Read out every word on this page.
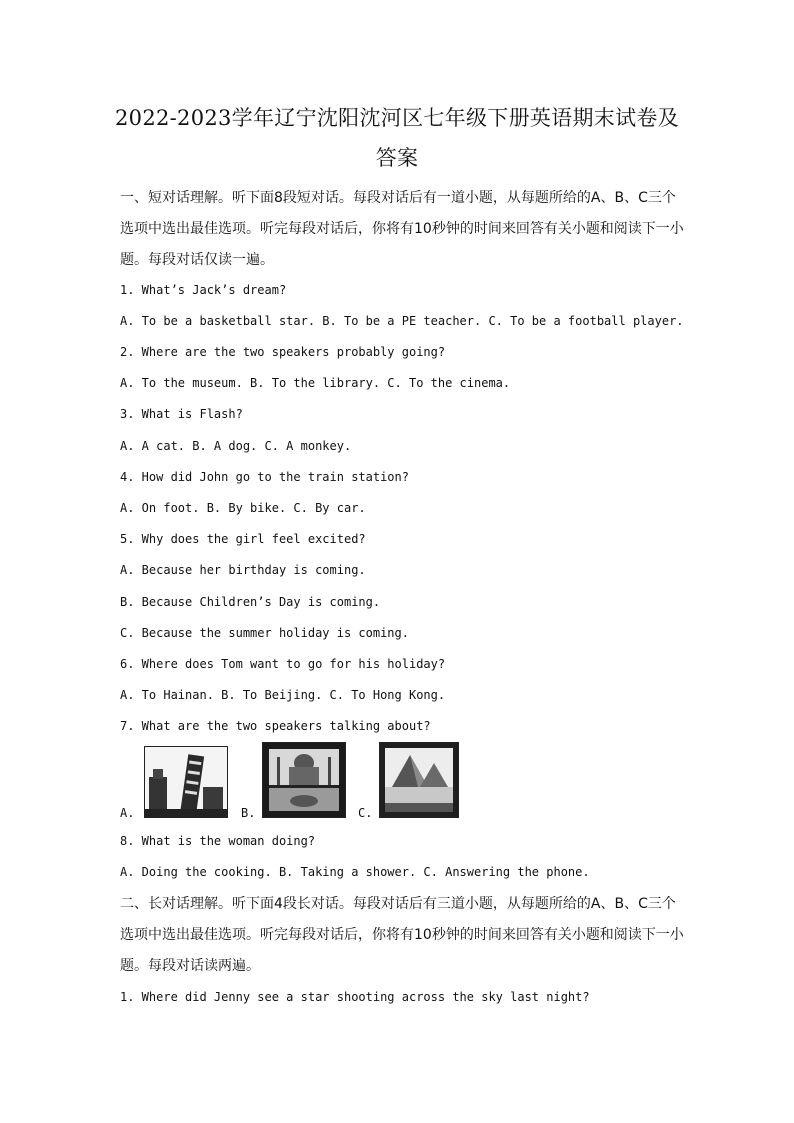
2022-2023学年辽宁沈阳沈河区七年级下册英语期末试卷及
答案
一、短对话理解。听下面8段短对话。每段对话后有一道小题，从每题所给的A、B、C三个
选项中选出最佳选项。听完每段对话后，你将有10秒钟的时间来回答有关小题和阅读下一小
题。每段对话仅读一遍。
1. What’s Jack’s dream?
A. To be a basketball star. B. To be a PE teacher. C. To be a football player.
2. Where are the two speakers probably going?
A. To the museum. B. To the library. C. To the cinema.
3. What is Flash?
A. A cat. B. A dog. C. A monkey.
4. How did John go to the train station?
A. On foot. B. By bike. C. By car.
5. Why does the girl feel excited?
A. Because her birthday is coming.
B. Because Children’s Day is coming.
C. Because the summer holiday is coming.
6. Where does Tom want to go for his holiday?
A. To Hainan. B. To Beijing. C. To Hong Kong.
7. What are the two speakers talking about?
A.	B.	C.
8. What is the woman doing?
A. Doing the cooking. B. Taking a shower. C. Answering the phone.
二、长对话理解。听下面4段长对话。每段对话后有三道小题，从每题所给的A、B、C三个
选项中选出最佳选项。听完每段对话后，你将有10秒钟的时间来回答有关小题和阅读下一小
题。每段对话读两遍。
1. Where did Jenny see a star shooting across the sky last night?
